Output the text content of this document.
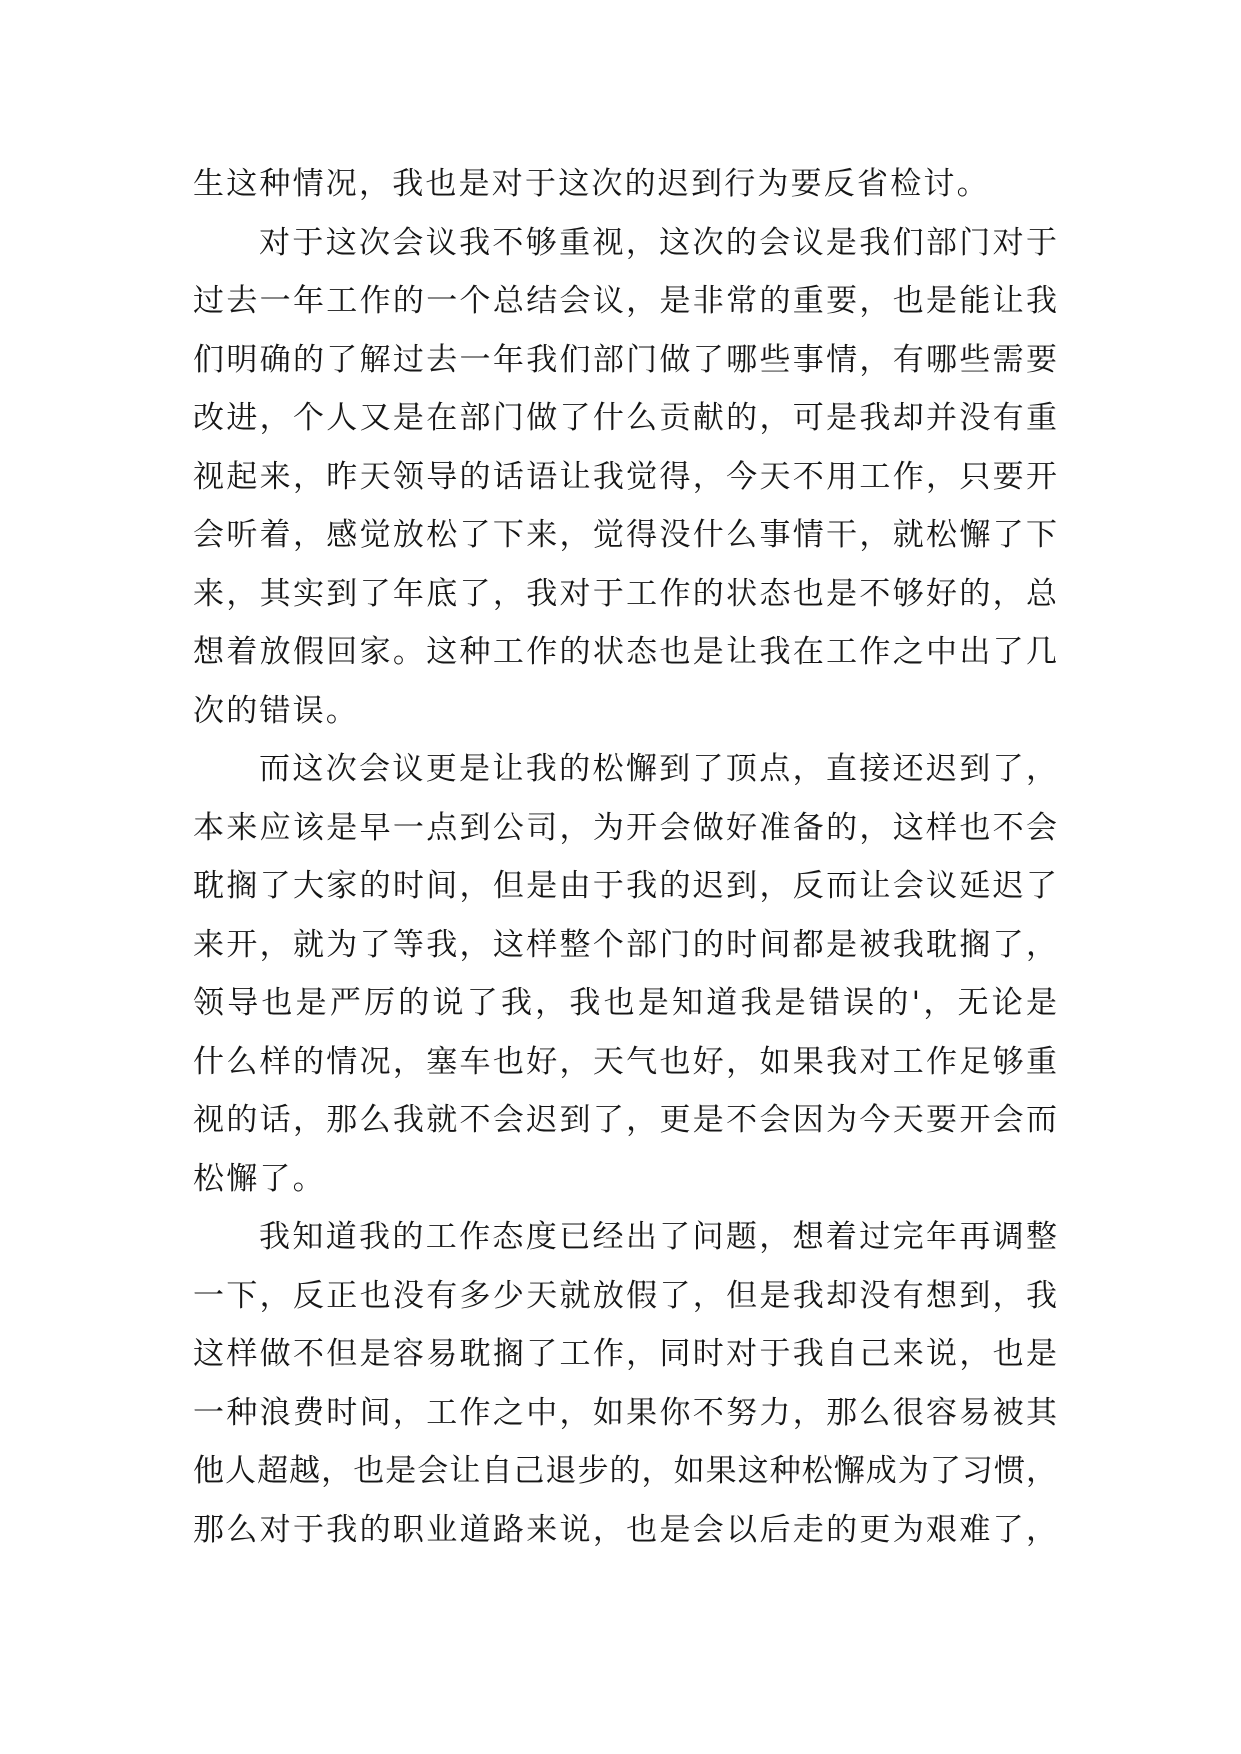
生这种情况，我也是对于这次的迟到行为要反省检讨。
对于这次会议我不够重视，这次的会议是我们部门对于
过去一年工作的一个总结会议，是非常的重要，也是能让我
们明确的了解过去一年我们部门做了哪些事情，有哪些需要
改进，个人又是在部门做了什么贡献的，可是我却并没有重
视起来，昨天领导的话语让我觉得，今天不用工作，只要开
会听着，感觉放松了下来，觉得没什么事情干，就松懈了下
来，其实到了年底了，我对于工作的状态也是不够好的，总
想着放假回家。这种工作的状态也是让我在工作之中出了几
次的错误。
而这次会议更是让我的松懈到了顶点，直接还迟到了，
本来应该是早一点到公司，为开会做好准备的，这样也不会
耽搁了大家的时间，但是由于我的迟到，反而让会议延迟了
来开，就为了等我，这样整个部门的时间都是被我耽搁了，
领导也是严厉的说了我，我也是知道我是错误的'，无论是
什么样的情况，塞车也好，天气也好，如果我对工作足够重
视的话，那么我就不会迟到了，更是不会因为今天要开会而
松懈了。
我知道我的工作态度已经出了问题，想着过完年再调整
一下，反正也没有多少天就放假了，但是我却没有想到，我
这样做不但是容易耽搁了工作，同时对于我自己来说，也是
一种浪费时间，工作之中，如果你不努力，那么很容易被其
他人超越，也是会让自己退步的，如果这种松懈成为了习惯，
那么对于我的职业道路来说，也是会以后走的更为艰难了，
